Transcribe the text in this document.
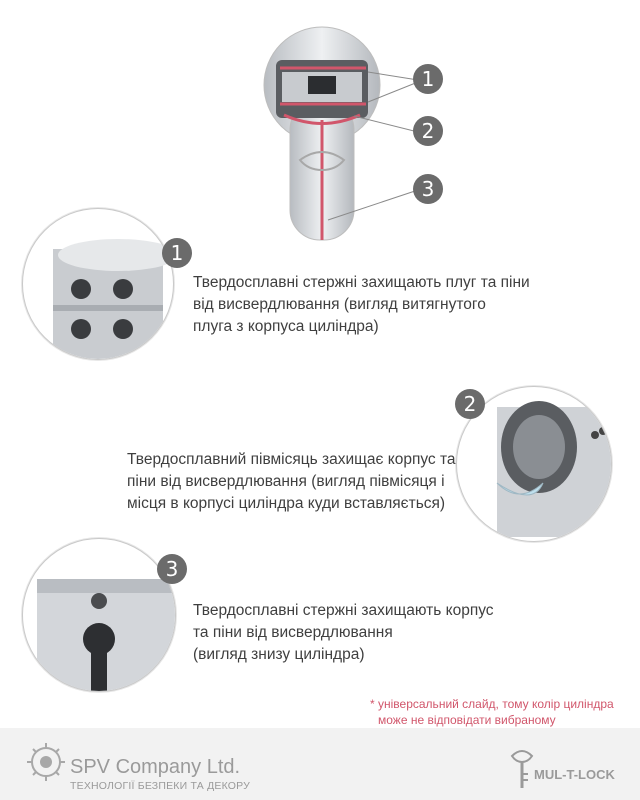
1
2
3
1
Твердосплавні стержні захищають плуг та піни
від висвердлювання (вигляд витягнутого
плуга з корпуса циліндра)
2
Твердосплавний півмісяць захищає корпус та
піни від висвердлювання (вигляд півмісяця і
місця в корпусі циліндра куди вставляється)
3
Твердосплавні стержні захищають корпус
та піни від висвердлювання
(вигляд знизу циліндра)
* універсальний слайд, тому колір циліндра
може не відповідати вибраному
SPV Company Ltd.
ТЕХНОЛОГІЇ БЕЗПЕКИ ТА ДЕКОРУ
MUL-T-LOCK
